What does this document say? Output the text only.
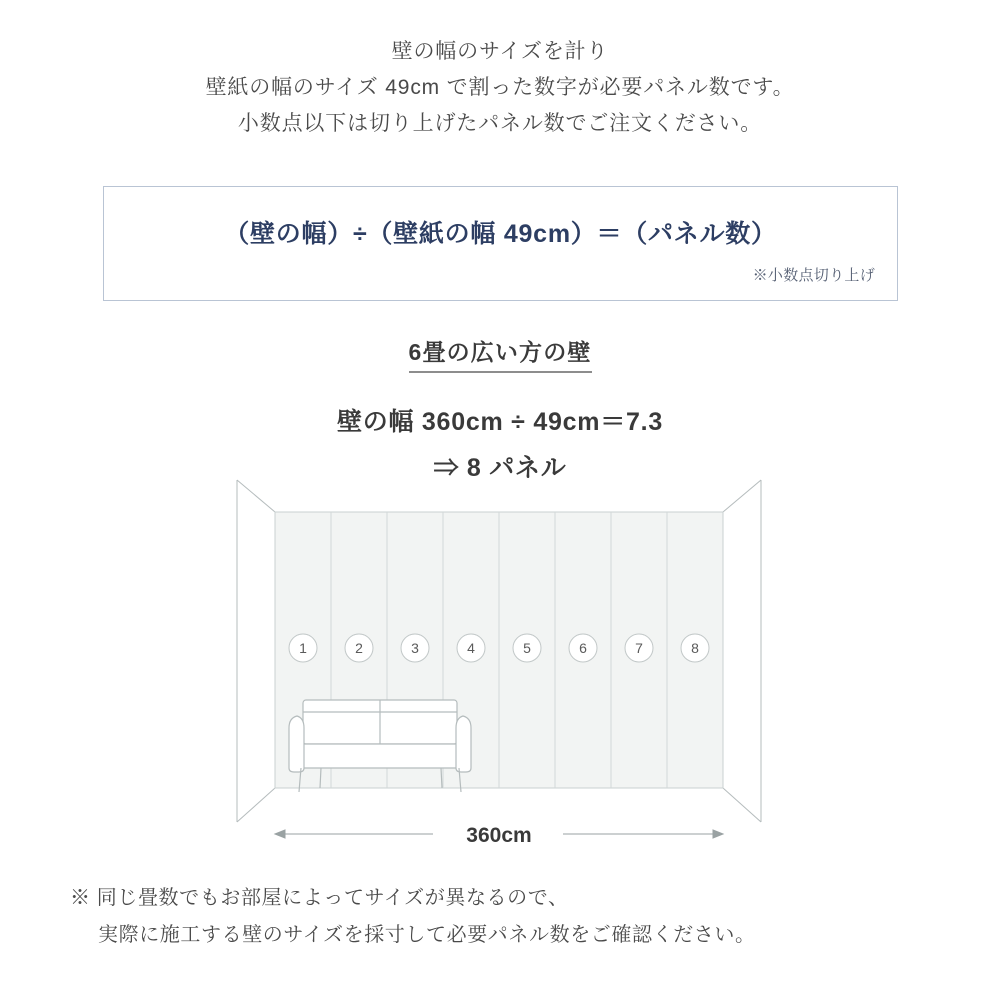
壁の幅のサイズを計り
壁紙の幅のサイズ 49cm で割った数字が必要パネル数です。
小数点以下は切り上げたパネル数でご注文ください。
（壁の幅）÷（壁紙の幅 49cm）＝（パネル数）
※小数点切り上げ
6畳の広い方の壁
壁の幅 360cm ÷ 49cm＝7.3
⇒ 8 パネル
1	2	3	4	5	6	7	8
360cm
※ 同じ畳数でもお部屋によってサイズが異なるので、
実際に施工する壁のサイズを採寸して必要パネル数をご確認ください。
